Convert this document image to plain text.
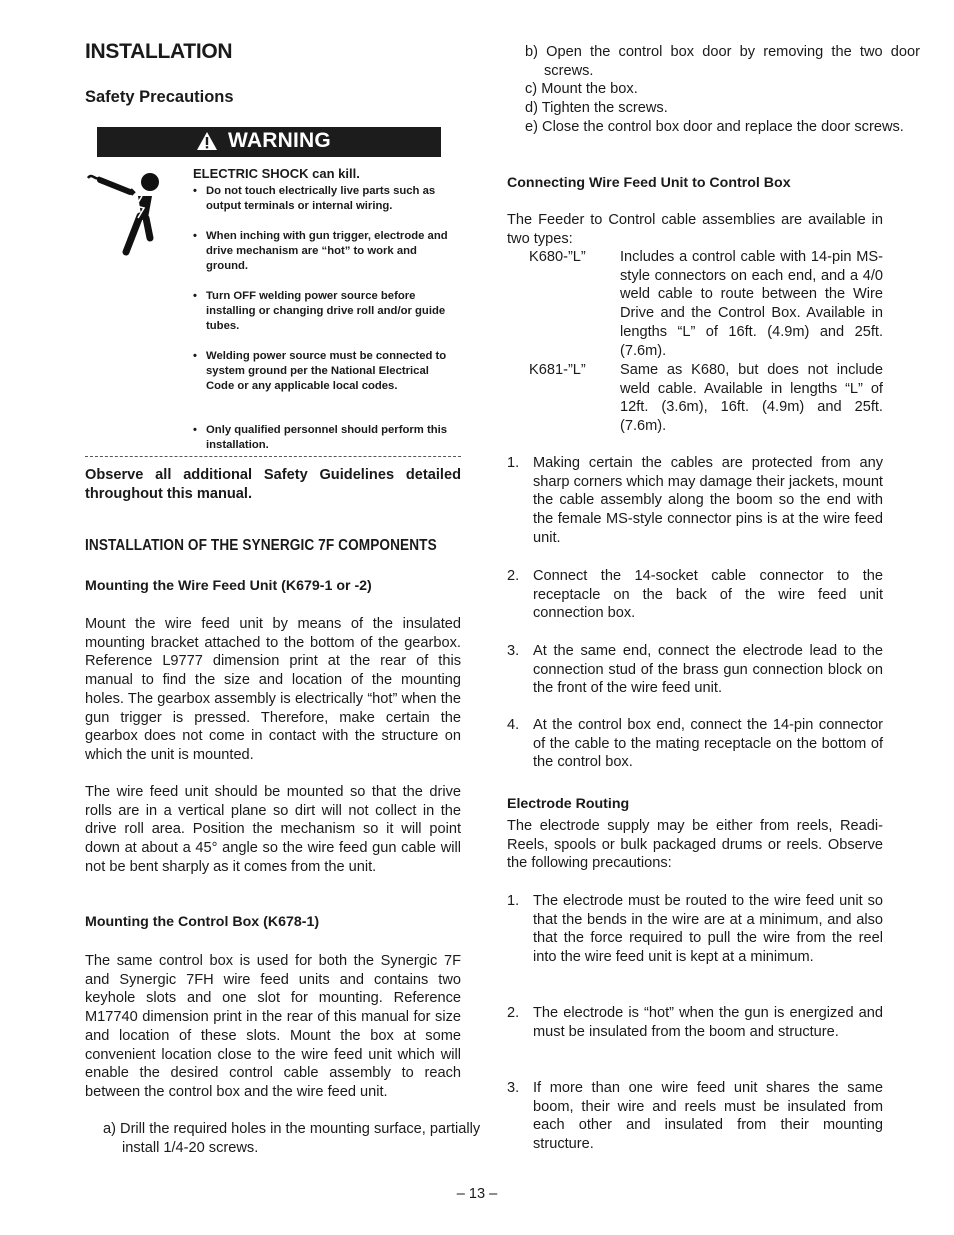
INSTALLATION
Safety Precautions
WARNING
ELECTRIC SHOCK can kill.
• Do not touch electrically live parts such as output terminals or internal wiring.
• When inching with gun trigger, electrode and drive mechanism are “hot” to work and ground.
• Turn OFF welding power source before installing or changing drive roll and/or guide tubes.
• Welding power source must be connected to system ground per the National Electrical Code or any applicable local codes.
• Only qualified personnel should perform this installation.
Observe all additional Safety Guidelines detailed throughout this manual.
INSTALLATION OF THE SYNERGIC 7F COMPONENTS
Mounting the Wire Feed Unit (K679-1 or -2)

Mount the wire feed unit by means of the insulated mounting bracket attached to the bottom of the gearbox. Reference L9777 dimension print at the rear of this manual to find the size and location of the mounting holes. The gearbox assembly is electrically “hot” when the gun trigger is pressed. Therefore, make certain the gearbox does not come in contact with the structure on which the unit is mounted.

The wire feed unit should be mounted so that the drive rolls are in a vertical plane so dirt will not collect in the drive roll area. Position the mechanism so it will point down at about a 45° angle so the wire feed gun cable will not be bent sharply as it comes from the unit.

Mounting the Control Box (K678-1)

The same control box is used for both the Synergic 7F and Synergic 7FH wire feed units and contains two keyhole slots and one slot for mounting. Reference M17740 dimension print in the rear of this manual for size and location of these slots. Mount the box at some convenient location close to the wire feed unit which will enable the desired control cable assembly to reach between the control box and the wire feed unit.

a) Drill the required holes in the mounting surface, partially install 1/4-20 screws.

b) Open the control box door by removing the two door screws.

c) Mount the box.

d) Tighten the screws.

e) Close the control box door and replace the door screws.

Connecting Wire Feed Unit to Control Box

The Feeder to Control cable assemblies are available in two types:

K680-”L” Includes a control cable with 14-pin MS-style connectors on each end, and a 4/0 weld cable to route between the Wire Drive and the Control Box. Available in lengths “L” of 16ft. (4.9m) and 25ft. (7.6m).
K681-”L” Same as K680, but does not include weld cable. Available in lengths “L” of 12ft. (3.6m), 16ft. (4.9m) and 25ft. (7.6m).
1. Making certain the cables are protected from any sharp corners which may damage their jackets, mount the cable assembly along the boom so the end with the female MS-style connector pins is at the wire feed unit.
2. Connect the 14-socket cable connector to the receptacle on the back of the wire feed unit connection box.
3. At the same end, connect the electrode lead to the connection stud of the brass gun connection block on the front of the wire feed unit.
4. At the control box end, connect the 14-pin connector of the cable to the mating receptacle on the bottom of the control box.
Electrode Routing

The electrode supply may be either from reels, Readi-Reels, spools or bulk packaged drums or reels. Observe the following precautions:

1. The electrode must be routed to the wire feed unit so that the bends in the wire are at a minimum, and also that the force required to pull the wire from the reel into the wire feed unit is kept at a minimum.
2. The electrode is “hot” when the gun is energized and must be insulated from the boom and structure.
3. If more than one wire feed unit shares the same boom, their wire and reels must be insulated from each other and insulated from their mounting structure.
– 13 –
